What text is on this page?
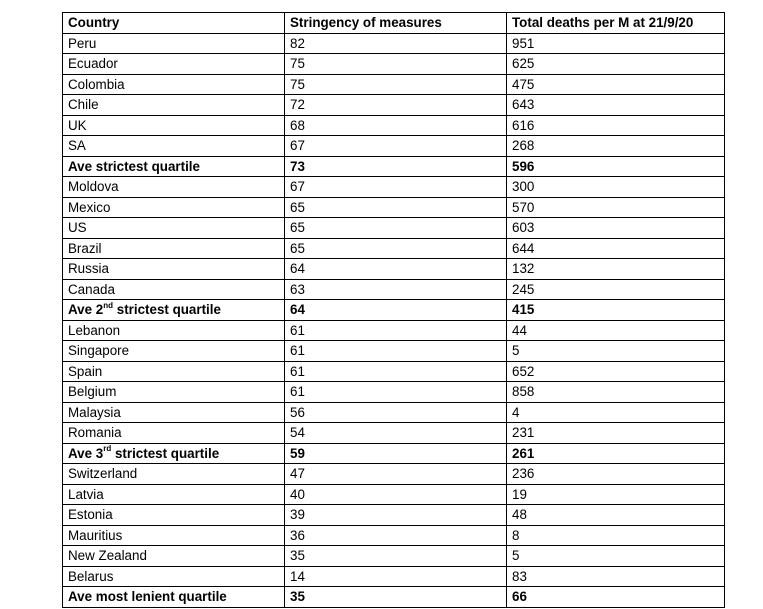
Country	Stringency of measures	Total deaths per M at 21/9/20
Peru	82	951
Ecuador	75	625
Colombia	75	475
Chile	72	643
UK	68	616
SA	67	268
Ave strictest quartile	73	596
Moldova	67	300
Mexico	65	570
US	65	603
Brazil	65	644
Russia	64	132
Canada	63	245
Ave 2nd strictest quartile	64	415
Lebanon	61	44
Singapore	61	5
Spain	61	652
Belgium	61	858
Malaysia	56	4
Romania	54	231
Ave 3rd strictest quartile	59	261
Switzerland	47	236
Latvia	40	19
Estonia	39	48
Mauritius	36	8
New Zealand	35	5
Belarus	14	83
Ave most lenient quartile	35	66
